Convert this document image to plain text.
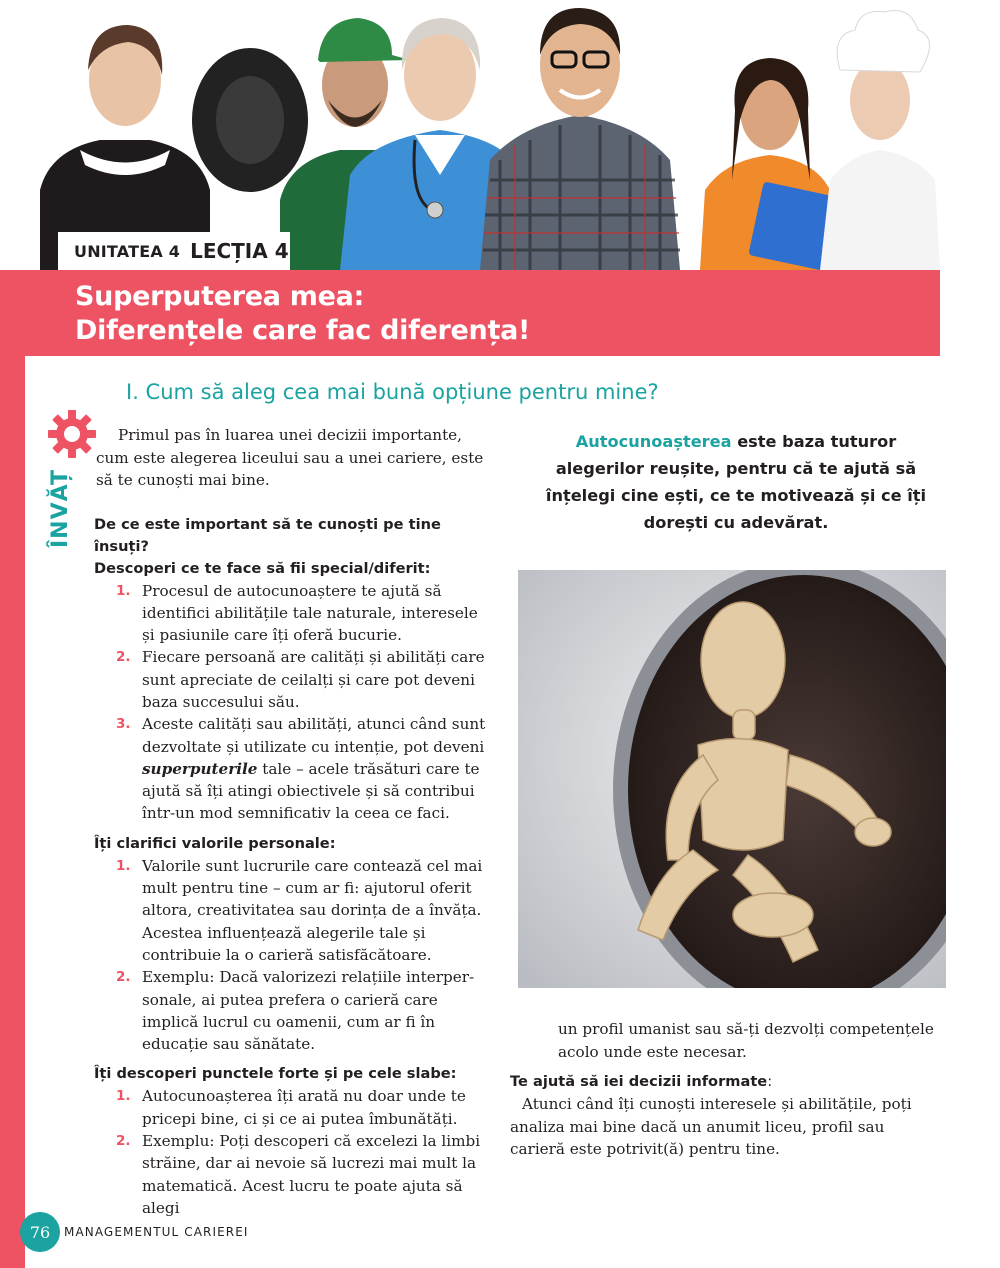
UNITATEA 4 LECȚIA 4
Superputerea mea:
Diferențele care fac diferența!
I. Cum să aleg cea mai bună opțiune pentru mine?
ÎNVĂȚ

Primul pas în luarea unei decizii importante, cum este alegerea liceului sau a unei cariere, este să te cunoști mai bine.

De ce este important să te cunoști pe tine însuți?
Descoperi ce te face să fii special/diferit:
1. Procesul de autocunoaștere te ajută să identifici abilitățile tale naturale, interesele și pasiunile care îți oferă bucurie.
2. Fiecare persoană are calități și abilități care sunt apreciate de ceilalți și care pot deveni baza succesului său.
3. Aceste calități sau abilități, atunci când sunt dezvoltate și utilizate cu intenție, pot deveni superputerile tale – acele trăsături care te ajută să îți atingi obiectivele și să contribui într-un mod semnificativ la ceea ce faci.
Îți clarifici valorile personale:
1. Valorile sunt lucrurile care contează cel mai mult pentru tine – cum ar fi: ajutorul oferit altora, creativitatea sau dorința de a învăța. Acestea influențează alegerile tale și contribuie la o carieră satisfăcătoare.
2. Exemplu: Dacă valorizezi relațiile interpersonale, ai putea prefera o carieră care implică lucrul cu oamenii, cum ar fi în educație sau sănătate.
Îți descoperi punctele forte și pe cele slabe:
1. Autocunoașterea îți arată nu doar unde te pricepi bine, ci și ce ai putea îmbunătăți.
2. Exemplu: Poți descoperi că excelezi la limbi străine, dar ai nevoie să lucrezi mai mult la matematică. Acest lucru te poate ajuta să alegi
Autocunoașterea este baza tuturor alegerilor reușite, pentru că te ajută să înțelegi cine ești, ce te motivează și ce îți dorești cu adevărat.

un profil umanist sau să-ți dezvolți competențele acolo unde este necesar.

Te ajută să iei decizii informate:

Atunci când îți cunoști interesele și abilitățile, poți analiza mai bine dacă un anumit liceu, profil sau carieră este potrivit(ă) pentru tine.

76	MANAGEMENTUL CARIEREI
